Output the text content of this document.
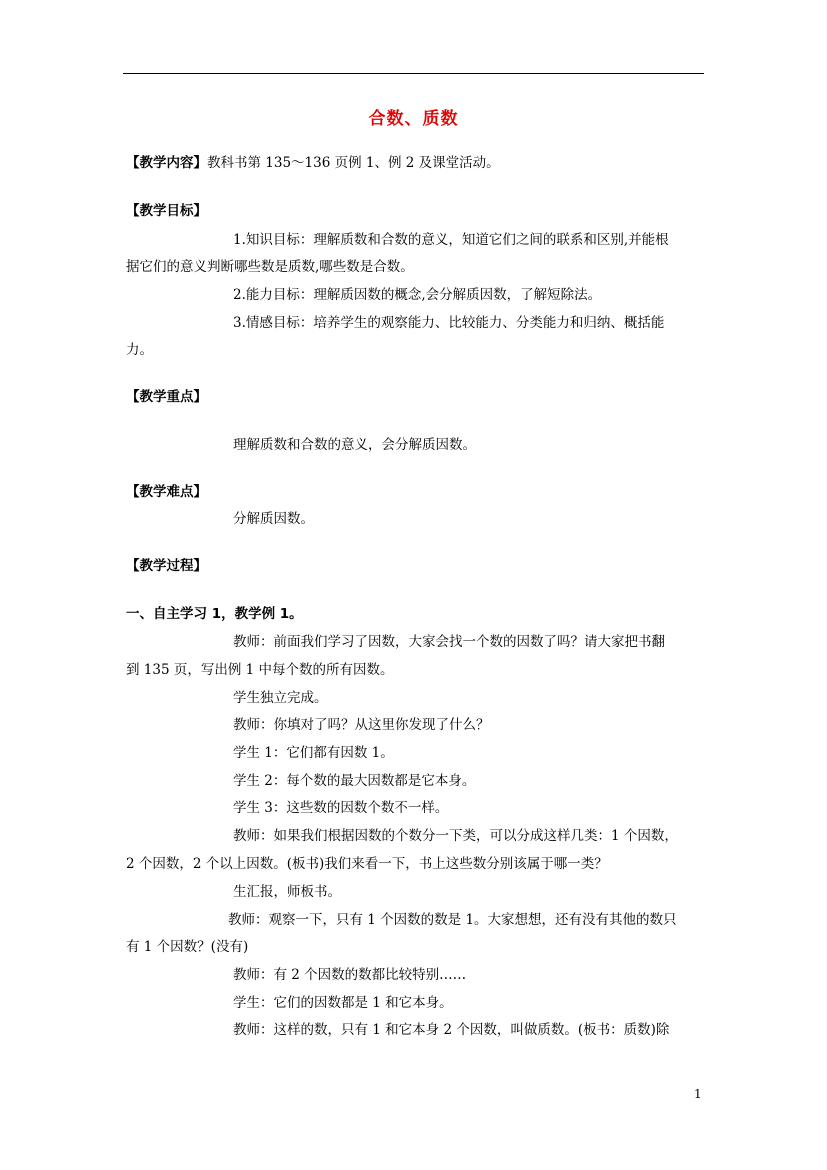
合数、质数
【教学内容】教科书第 135～136 页例 1、例 2 及课堂活动。
【教学目标】
1.知识目标：理解质数和合数的意义，知道它们之间的联系和区别,并能根
据它们的意义判断哪些数是质数,哪些数是合数。
2.能力目标：理解质因数的概念,会分解质因数，了解短除法。
3.情感目标：培养学生的观察能力、比较能力、分类能力和归纳、概括能
力。
【教学重点】
理解质数和合数的意义，会分解质因数。
【教学难点】
分解质因数。
【教学过程】
一、自主学习 1，教学例 1。
教师：前面我们学习了因数，大家会找一个数的因数了吗？请大家把书翻
到 135 页，写出例 1 中每个数的所有因数。
学生独立完成。
教师：你填对了吗？从这里你发现了什么？
学生 1：它们都有因数 1。
学生 2：每个数的最大因数都是它本身。
学生 3：这些数的因数个数不一样。
教师：如果我们根据因数的个数分一下类，可以分成这样几类：1 个因数，
2 个因数，2 个以上因数。(板书)我们来看一下，书上这些数分别该属于哪一类？
生汇报，师板书。
教师：观察一下，只有 1 个因数的数是 1。大家想想，还有没有其他的数只
有 1 个因数？(没有)
教师：有 2 个因数的数都比较特别……
学生：它们的因数都是 1 和它本身。
教师：这样的数，只有 1 和它本身 2 个因数，叫做质数。(板书：质数)除
1
